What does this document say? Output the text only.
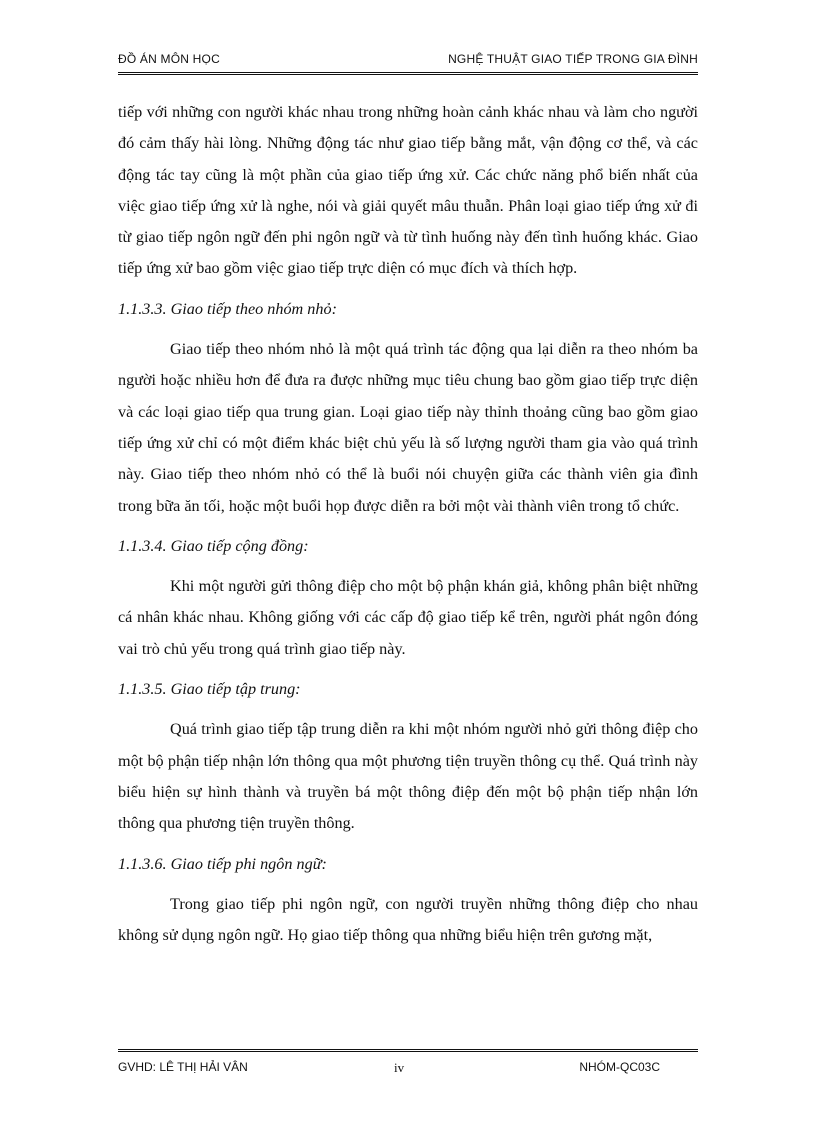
ĐỒ ÁN MÔN HỌC	NGHỆ THUẬT GIAO TIẾP TRONG GIA ĐÌNH

tiếp với những con người khác nhau trong những hoàn cảnh khác nhau và làm cho người đó cảm thấy hài lòng. Những động tác như giao tiếp bằng mắt, vận động cơ thể, và các động tác tay cũng là một phần của giao tiếp ứng xử. Các chức năng phổ biến nhất của việc giao tiếp ứng xử là nghe, nói và giải quyết mâu thuẫn. Phân loại giao tiếp ứng xử đi từ giao tiếp ngôn ngữ đến phi ngôn ngữ và từ tình huống này đến tình huống khác. Giao tiếp ứng xử bao gồm việc giao tiếp trực diện có mục đích và thích hợp.

1.1.3.3. Giao tiếp theo nhóm nhỏ:

Giao tiếp theo nhóm nhỏ là một quá trình tác động qua lại diễn ra theo nhóm ba người hoặc nhiều hơn để đưa ra được những mục tiêu chung bao gồm giao tiếp trực diện và các loại giao tiếp qua trung gian. Loại giao tiếp này thỉnh thoảng cũng bao gồm giao tiếp ứng xử chỉ có một điểm khác biệt chủ yếu là số lượng người tham gia vào quá trình này. Giao tiếp theo nhóm nhỏ có thể là buổi nói chuyện giữa các thành viên gia đình trong bữa ăn tối, hoặc một buổi họp được diễn ra bởi một vài thành viên trong tổ chức.

1.1.3.4. Giao tiếp cộng đồng:

Khi một người gửi thông điệp cho một bộ phận khán giả, không phân biệt những cá nhân khác nhau. Không giống với các cấp độ giao tiếp kể trên, người phát ngôn đóng vai trò chủ yếu trong quá trình giao tiếp này.

1.1.3.5. Giao tiếp tập trung:

Quá trình giao tiếp tập trung diễn ra khi một nhóm người nhỏ gửi thông điệp cho một bộ phận tiếp nhận lớn thông qua một phương tiện truyền thông cụ thể. Quá trình này biểu hiện sự hình thành và truyền bá một thông điệp đến một bộ phận tiếp nhận lớn thông qua phương tiện truyền thông.

1.1.3.6. Giao tiếp phi ngôn ngữ:

Trong giao tiếp phi ngôn ngữ, con người truyền những thông điệp cho nhau không sử dụng ngôn ngữ. Họ giao tiếp thông qua những biểu hiện trên gương mặt,

GVHD: LÊ THỊ HẢI VÂN	iv	NHÓM-QC03C
